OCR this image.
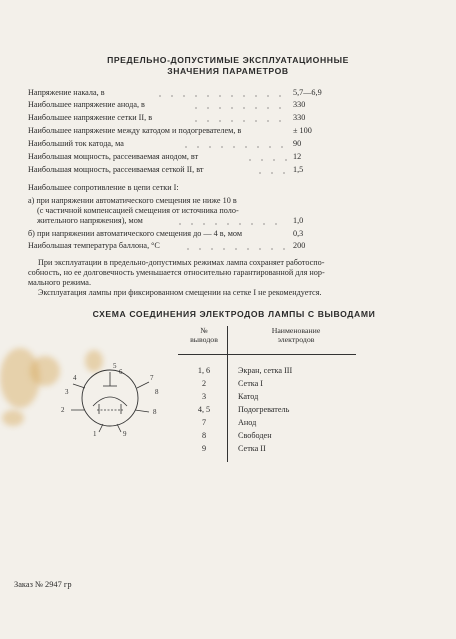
ПРЕДЕЛЬНО-ДОПУСТИМЫЕ ЭКСПЛУАТАЦИОННЫЕ
ЗНАЧЕНИЯ ПАРАМЕТРОВ
Напряжение накала, в	5,7—6,9
Наибольшее напряжение анода, в	330
Наибольшее напряжение сетки II, в	330
Наибольшее напряжение между катодом и подогревателем, в	± 100
Наибольший ток катода, ма	90
Наибольшая мощность, рассеиваемая анодом, вт	12
Наибольшая мощность, рассеиваемая сеткой II, вт	1,5
Наибольшее сопротивление в цепи сетки I:
а) при напряжении автоматического смещения не ниже 10 в
(с частичной компенсацией смещения от источника поло-
жительного напряжения), мом	1,0
б) при напряжении автоматического смещения до — 4 в, мом	0,3
Наибольшая температура баллона, °С	200
При эксплуатации в предельно-допустимых режимах лампа сохраняет работоспо-
собность, но ее долговечность уменьшается относительно гарантированной для нор-
мального режима.
Эксплуатация лампы при фиксированном смещении на сетке I не рекомендуется.
СХЕМА СОЕДИНЕНИЯ ЭЛЕКТРОДОВ ЛАМПЫ С ВЫВОДАМИ
5
6
4	7
3	8
2	8
1	9
№
выводов
Наименование
электродов
1, 6	Экран, сетка III
2	Сетка I
3	Катод
4, 5	Подогреватель
7	Анод
8	Свободен
9	Сетка II
Заказ № 2947 гр
